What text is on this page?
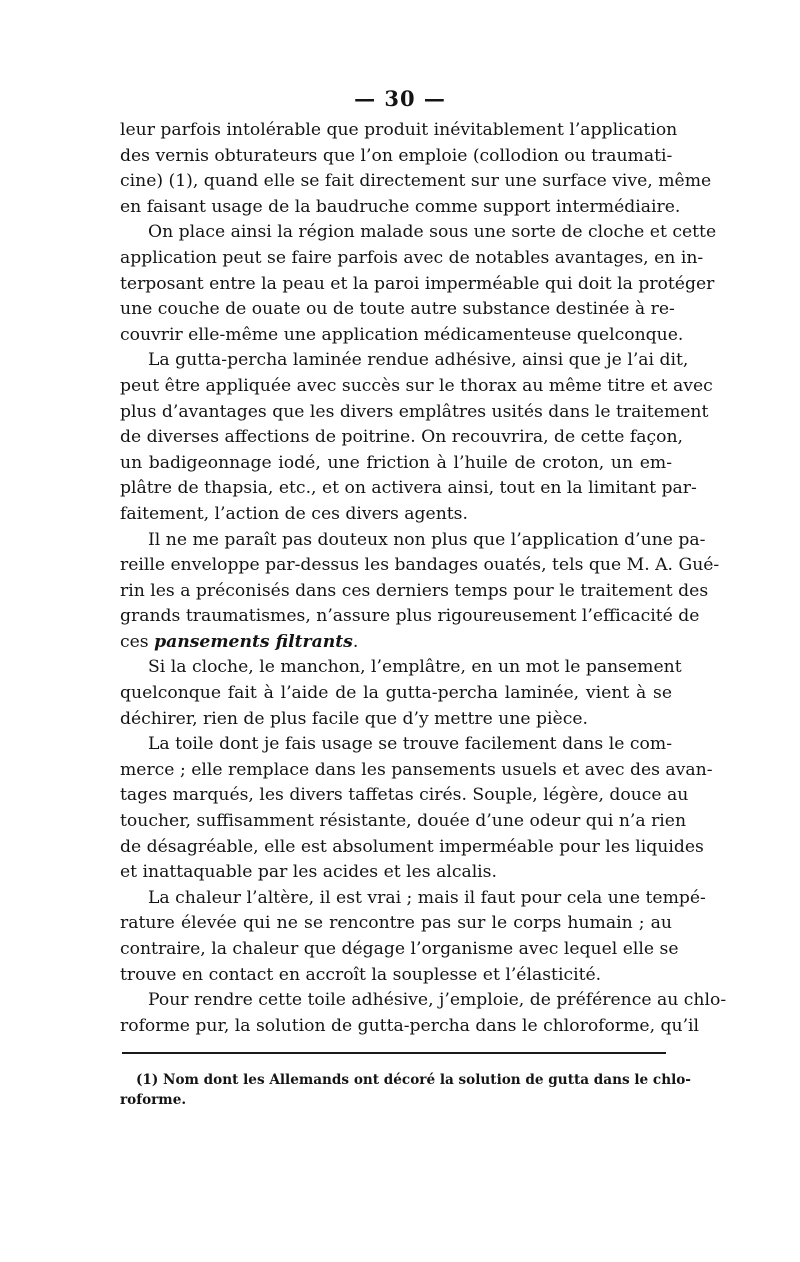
— 30 —
leur parfois intolérable que produit inévitablement l’application
des vernis obturateurs que l’on emploie (collodion ou traumati-
cine) (1), quand elle se fait directement sur une surface vive, même
en faisant usage de la baudruche comme support intermédiaire.
On place ainsi la région malade sous une sorte de cloche et cette
application peut se faire parfois avec de notables avantages, en in-
terposant entre la peau et la paroi imperméable qui doit la protéger
une couche de ouate ou de toute autre substance destinée à re-
couvrir elle-même une application médicamenteuse quelconque.
La gutta-percha laminée rendue adhésive, ainsi que je l’ai dit,
peut être appliquée avec succès sur le thorax au même titre et avec
plus d’avantages que les divers emplâtres usités dans le traitement
de diverses affections de poitrine. On recouvrira, de cette façon,
un badigeonnage iodé, une friction à l’huile de croton, un em-
plâtre de thapsia, etc., et on activera ainsi, tout en la limitant par-
faitement, l’action de ces divers agents.
Il ne me paraît pas douteux non plus que l’application d’une pa-
reille enveloppe par-dessus les bandages ouatés, tels que M. A. Gué-
rin les a préconisés dans ces derniers temps pour le traitement des
grands traumatismes, n’assure plus rigoureusement l’efficacité de
ces pansements filtrants.
Si la cloche, le manchon, l’emplâtre, en un mot le pansement
quelconque fait à l’aide de la gutta-percha laminée, vient à se
déchirer, rien de plus facile que d’y mettre une pièce.
La toile dont je fais usage se trouve facilement dans le com-
merce ; elle remplace dans les pansements usuels et avec des avan-
tages marqués, les divers taffetas cirés. Souple, légère, douce au
toucher, suffisamment résistante, douée d’une odeur qui n’a rien
de désagréable, elle est absolument imperméable pour les liquides
et inattaquable par les acides et les alcalis.
La chaleur l’altère, il est vrai ; mais il faut pour cela une tempé-
rature élevée qui ne se rencontre pas sur le corps humain ; au
contraire, la chaleur que dégage l’organisme avec lequel elle se
trouve en contact en accroît la souplesse et l’élasticité.
Pour rendre cette toile adhésive, j’emploie, de préférence au chlo-
roforme pur, la solution de gutta-percha dans le chloroforme, qu’il
(1) Nom dont les Allemands ont décoré la solution de gutta dans le chlo-
roforme.
